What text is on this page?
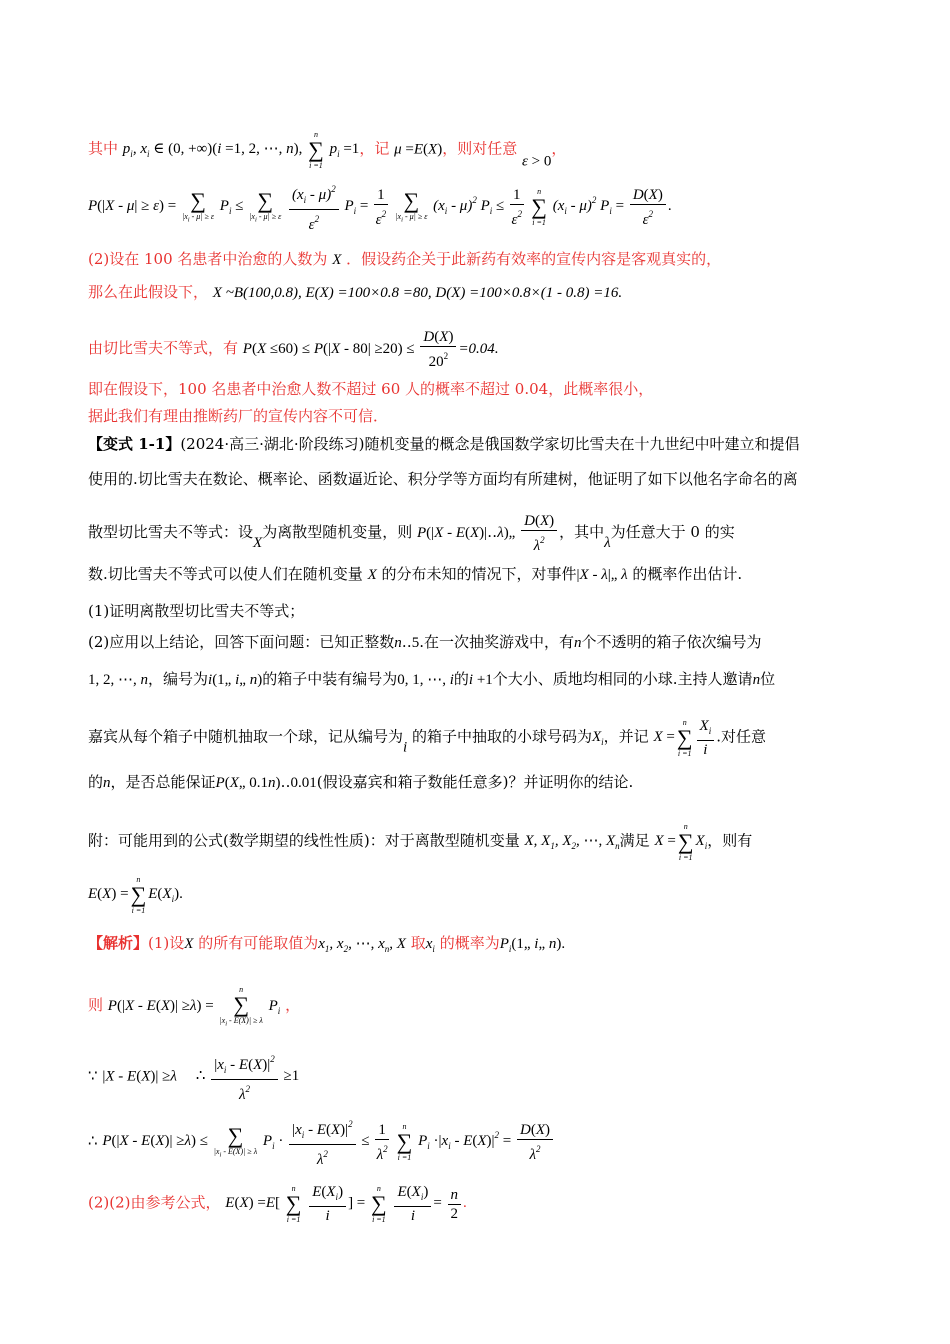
其中 $p_i$, $x_i$ ∈ (0, +∞)(i =1, 2, ⋯, n),
n
∑
i =1
$p_i =1$，记 μ =E(X)，则对任意 ε > 0，
P(|X - μ| ≥ ε) = ∑
$|x_i - \mu| \ge \varepsilon$
$P_i$ ≤ ∑
$|x_i - \mu| \ge \varepsilon$
$\frac{(x_i - \mu)^2}{\varepsilon^2} P_i = \frac{1}{\varepsilon^2}$
∑
$|x_i - \mu| \ge \varepsilon$
$(x_i - \mu)^2$ $P_i \le \frac{1}{\varepsilon^2}$
	n
∑
i =1
$(x_i - \mu)^2$ $P_i = \frac{D(X)}{\varepsilon^2}$ .
(2)设在 100 名患者中治愈的人数为 X ．假设药企关于此新药有效率的宣传内容是客观真实的，
那么在此假设下， X ~B(100,0.8), E(X) =100×0.8 =80, D(X) =100×0.8×(1 - 0.8) =16.
由切比雪夫不等式，有 $P(X \le 60) \le P(|X - 80| \ge 20) \le \frac{D(X)}{20^2} =0.04$.
即在假设下，100 名患者中治愈人数不超过 60 人的概率不超过 0.04，此概率很小，
据此我们有理由推断药厂的宣传内容不可信．
【变式 1-1】(2024·高三·湖北·阶段练习)随机变量的概念是俄国数学家切比雪夫在十九世纪中叶建立和提倡
使用的.切比雪夫在数论、概率论、函数逼近论、积分学等方面均有所建树，他证明了如下以他名字命名的离
散型切比雪夫不等式：设X为离散型随机变量，则 P(|X - E(X)|‥λ)„ $\frac{D(X)}{\lambda^2}$ ，其中λ为任意大于 0 的实
数.切比雪夫不等式可以使人们在随机变量 X 的分布未知的情况下，对事件|X - λ|„ λ 的概率作出估计.
(1)证明离散型切比雪夫不等式；
(2)应用以上结论，回答下面问题：已知正整数n‥5.在一次抽奖游戏中，有n个不透明的箱子依次编号为
1, 2, ⋯, n，编号为i(1„ i„ n)的箱子中装有编号为0, 1, ⋯, i的i +1个大小、质地均相同的小球.主持人邀请n位
嘉宾从每个箱子中随机抽取一个球，记从编号为i 的箱子中抽取的小球号码为$X_i$，并记 X =
n
∑
$i =1 \frac{X_i}{i}$ .对任意
的n，是否总能保证P(X„ 0.1n)‥0.01(假设嘉宾和箱子数能任意多)？并证明你的结论.
附：可能用到的公式(数学期望的线性性质)：对于离散型随机变量 X, $X_1$, $X_2$, ⋯, $X_n$满足 X =
n
∑
i =1
$X_i$，则有
E(X) =
n
∑
i =1
$E(X_i)$.
【解析】(1)设X 的所有可能取值为$x_1$, $x_2$, ⋯, $x_n$, X 取$x_i$ 的概率为$P_i(1„$ i„ n).
则 P(|X - E(X)| ≥λ) =
n
∑
$|x_i - E(X)| \ge \lambda$
$P_i$ ，
∵ |X - E(X)| ≥λ ∴ $\frac{|x_i - E(X)|^2}{\lambda^2} \ge 1$
∴ P(|X - E(X)| ≥λ) ≤ ∑
$|x_i - E(X)| \ge \lambda$
$P_i \cdot \frac{|x_i - E(X)|^2}{\lambda^2} \le \frac{1}{\lambda^2}$
	n
∑
i =1
$P_i \cdot|x_i - E(X)|^2 = \frac{D(X)}{\lambda^2}$
(2)(2)由参考公式， E(X) =E[
n
∑
i =1
$\frac{E(X_i)}{i}$ ] =
n
∑
i =1
$\frac{E(X_i)}{i} = \frac{n}{2}$ .
